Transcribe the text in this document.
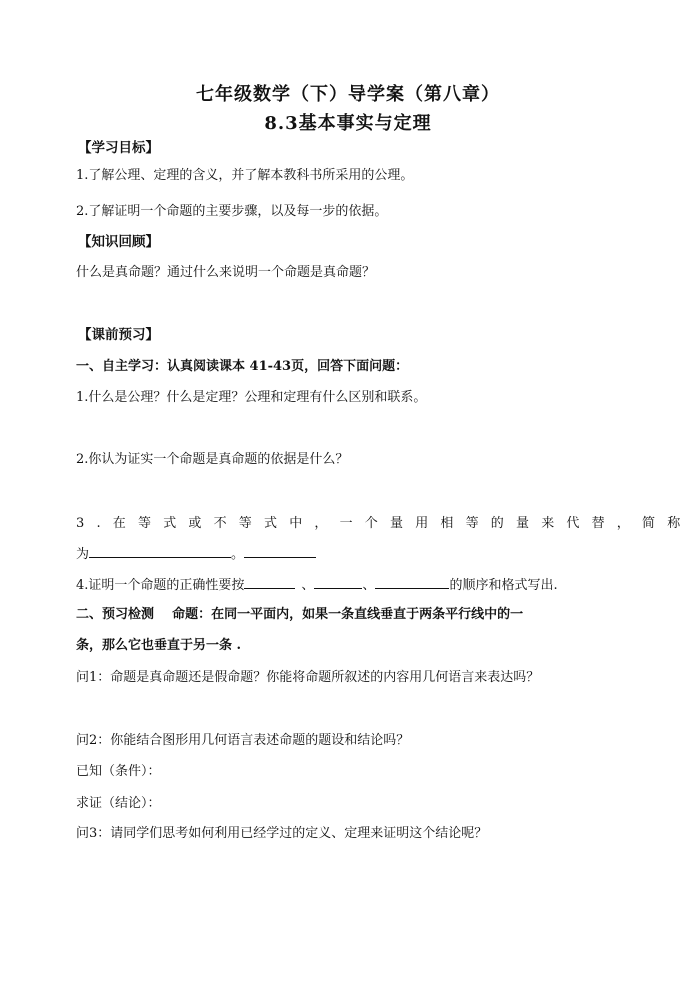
七年级数学（下）导学案（第八章）
8.3基本事实与定理
【学习目标】
1.了解公理、定理的含义，并了解本教科书所采用的公理。
2.了解证明一个命题的主要步骤，以及每一步的依据。
【知识回顾】
什么是真命题？通过什么来说明一个命题是真命题？
【课前预习】
一、自主学习：认真阅读课本 41-43页，回答下面问题：
1.什么是公理？什么是定理？公理和定理有什么区别和联系。
2.你认为证实一个命题是真命题的依据是什么？
3.在等式或不等式中，一个量用相等的量来代替，简称
为	。
4.证明一个命题的正确性要按	、	、	的顺序和格式写出.
二、预习检测    命题：在同一平面内，如果一条直线垂直于两条平行线中的一
条，那么它也垂直于另一条 .
问1：命题是真命题还是假命题？你能将命题所叙述的内容用几何语言来表达吗？
问2：你能结合图形用几何语言表述命题的题设和结论吗？
已知（条件）：
求证（结论）：
问3：请同学们思考如何利用已经学过的定义、定理来证明这个结论呢？
